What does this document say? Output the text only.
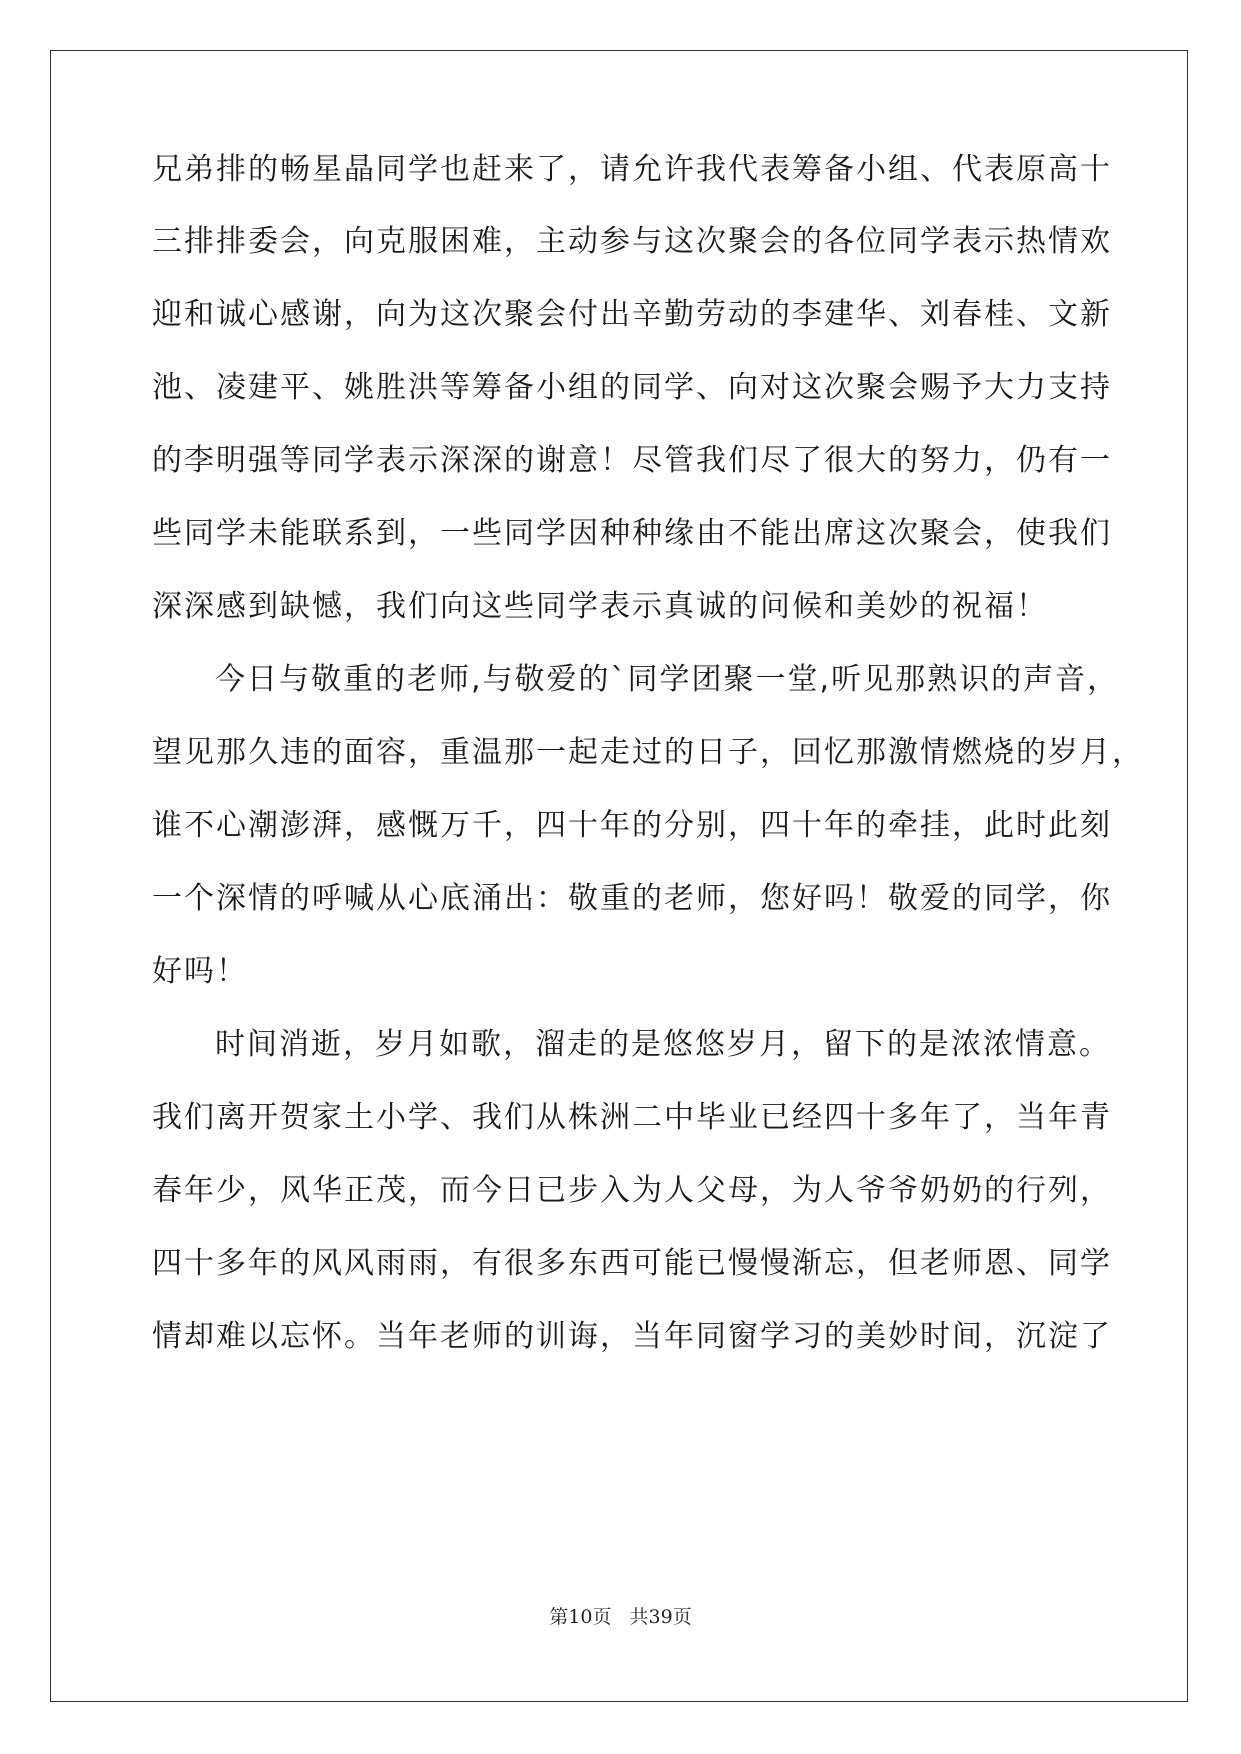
兄弟排的畅星晶同学也赶来了，请允许我代表筹备小组、代表原高十
三排排委会，向克服困难，主动参与这次聚会的各位同学表示热情欢
迎和诚心感谢，向为这次聚会付出辛勤劳动的李建华、刘春桂、文新
池、凌建平、姚胜洪等筹备小组的同学、向对这次聚会赐予大力支持
的李明强等同学表示深深的谢意！尽管我们尽了很大的努力，仍有一
些同学未能联系到，一些同学因种种缘由不能出席这次聚会，使我们
深深感到缺憾，我们向这些同学表示真诚的问候和美妙的祝福！
今日与敬重的老师,与敬爱的`同学团聚一堂,听见那熟识的声音，
望见那久违的面容，重温那一起走过的日子，回忆那激情燃烧的岁月，
谁不心潮澎湃，感慨万千，四十年的分别，四十年的牵挂，此时此刻
一个深情的呼喊从心底涌出：敬重的老师，您好吗！敬爱的同学，你
好吗！
时间消逝，岁月如歌，溜走的是悠悠岁月，留下的是浓浓情意。
我们离开贺家土小学、我们从株洲二中毕业已经四十多年了，当年青
春年少，风华正茂，而今日已步入为人父母，为人爷爷奶奶的行列，
四十多年的风风雨雨，有很多东西可能已慢慢渐忘，但老师恩、同学
情却难以忘怀。当年老师的训诲，当年同窗学习的美妙时间，沉淀了
第10页 共39页
